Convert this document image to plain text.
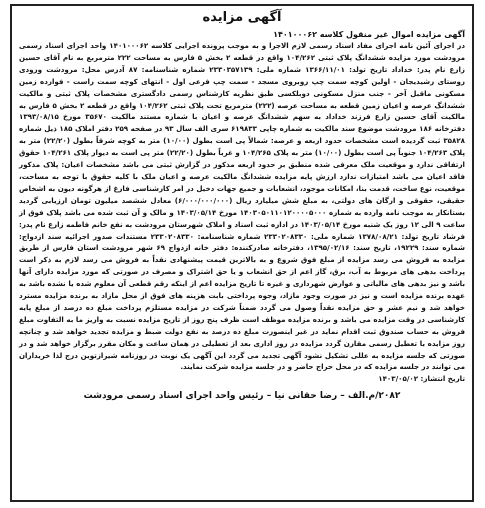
آگهی مزایده
آگهی مزایده اموال غیر منقول کلاسه ۱۴۰۱۰۰۰۶۲

در اجرای آئین نامه اجرای مفاد اسناد رسمی لازم الاجرا و به موجب پرونده اجرایی کلاسه ۱۴۰۱۰۰۰۶۲ واحد اجرای اسناد رسمی مرودشت مورد مزایده ششدانگ پلاک ثبتی ۱۰۴/۲۶۲ واقع در قطعه ۲ بخش ۵ فارس به مساحت ۲۲۲ مترمربع به نام آقای حسین زارع نام پدر: خداداد تاریخ تولد: ۱۳۶۶/۱۱/۰۱ شماره ملی: ۲۳۳۰۳۵۷۱۳۹ شماره شناسنامه: ۸۷ آدرس محل: مرودشت ورودی روستای رشیدیجان - اولین کوچه سمت چپ روبروی مسجد - سمت چپ فرعی اول - انتهای کوچه سمت راست - فوارده زمین مسکونی ماقبل آخر - جنب منزل مسکونی دوبلکسی طبق نظریه کارشناس رسمی دادگستری مشخصات پلاک ثبتی و مالکیت ششدانگ عرصه و اعیان زمین قطعه به مساحت عرصه (۲۲۲) مترمربع تحت پلاک ثبتی ۱۰۴/۲۶۲ واقع در قطعه ۲ بخش ۵ فارس به مالکیت آقای حسین زارع فرزند خداداد به سهم ششدانگ عرصه و اعیان با شماره مستند مالکیت ۳۵۶۷۰ مورخ ۱۳۹۳/۰۸/۱۵ دفترخانه ۱۸۶ مرودشت موضوع سند مالکیت به شماره چاپی ۶۱۹۸۳۳ سری الف سال ۹۳ در صفحه ۲۵۹ دفتر املاک ۱۸۵ ذیل شماره ۳۵۸۲۸ ثبت گردیده است مشخصات حدود اربعه و عرصه: شمالاً پی است بطول (۱۰/۰۰) متر به کوچه شرقاً بطول (۲۲/۲۰) متر به پلاک ۱۰۴/۲۶۳ جنوباً پی است بطول (۱۰/۰۰) متر به پلاک ۱۰۴/۲۶۵ و غرباً بطول (۲۲/۲۰) متر پی است به دیوار پلاک ۱۰۴/۲۶۱ حقوق ارتفاقی ندارد و موقعیت ملک معرفی شده منطبق بر حدود اربعه مذکور در گزارش ثبتی می باشد مشخصات اعیان: پلاک مذکور فاقد اعیان می باشد امتیازات ندارد ارزش پایه مزایده ششدانگ مالکیت عرصه و اعیان ملک با کلیه حقوق با توجه به مساحت، موقعیت، نوع ساخت، قدمت بنا، امکانات موجود، انشعابات و جمیع جهات دخیل در امر کارشناسی فارغ از هرگونه دیون به اشخاص حقیقی، حقوقی و ارگان های دولتی، به مبلغ شش میلیارد ریال (۶/۰۰۰/۰۰۰/۰۰۰) معادل ششصد میلیون تومان ارزیابی گردید بستانکار به موجب نامه وارده به شماره ۱۴۰۳۰۵۰۱۱۰۱۲۰۰۰۰۵۰۰۰ مورخ ۱۴۰۳/۰۵/۱۴ و مالک و آن ثبت شده می باشد پلاک فوق از ساعت ۹ الی ۱۲ روز یک شنبه مورخ ۱۴۰۳/۰۵/۱۴ در اداره ثبت اسناد و املاک شهرستان مرودشت به نفع خانم فاطمه زارع نام پدر: فرشاد تاریخ تولد: ۱۳۷۸/۰۸/۲۱ شماره ملی: ۲۳۳۰۲۰۸۳۳۰ شماره شناسنامه: ۲۳۳۰۲۰۸۳۳۰ مستندات صدور اجرائیه سند ازدواج: شماره سند: ۱۹۲۲۹، تاریخ سند: ۱۳۹۵/۰۲/۱۶، دفترخانه صادرکننده: دفتر خانه ازدواج ۶۹ شهر مرودشت استان فارس از طریق مزایده به فروش می رسد مزایده از مبلغ فوق شروع و به بالاترین قیمت پیشنهادی نقداً به فروش می رسد لازم به ذکر است پرداخت بدهی های مربوط به آب، برق، گاز اعم از حق انشعاب و یا حق اشتراک و مصرف در صورتی که مورد مزایده دارای آنها باشد و نیز بدهی های مالیاتی و عوارض شهرداری و غیره تا تاریخ مزایده اعم از اینکه رقم قطعی آن معلوم شده یا نشده باشد به عهده برنده مزایده است و نیز در صورت وجود مازاد، وجوه پرداختی بابت هزینه های فوق از محل مازاد به برنده مزایده مسترد خواهد شد و نیم عشر و حق مزایده نقداً وصول می گردد ضمناً شرکت در مزایده مستلزم پرداخت مبلغ ده درصد از مبلغ پایه کارشناسی در وقت مزایده می باشد و برنده مزایده موظف است ظرف پنج روز از تاریخ مزایده نسبت به واریز ما به التفاوت مبلغ فروش به حساب صندوق ثبت اقدام نماید در غیر اینصورت مبلغ ده درصد به نفع دولت ضبط و مزایده تجدید خواهد شد و چنانچه روز مزایده با تعطیل رسمی مقارن گردد مزایده در روز اداری بعد از تعطیلی در همان ساعت و مکان مقرر برگزار خواهد شد و در صورتی که جلسه مزایده به عللی تشکیل نشود آگهی تجدید می گردد این آگهی یک نوبت در روزنامه شیرازتوین درج لذا خریداران می توانند در جلسه مزایده که در محل حراج حاضر و در جلسه مزایده شرکت نمایند.

تاریخ انتشار: ۱۴۰۳/۰۵/۰۲
۲۰۸۲/م.الف – رضا حقانی نیا – رئیس واحد اجرای اسناد رسمی مرودشت
